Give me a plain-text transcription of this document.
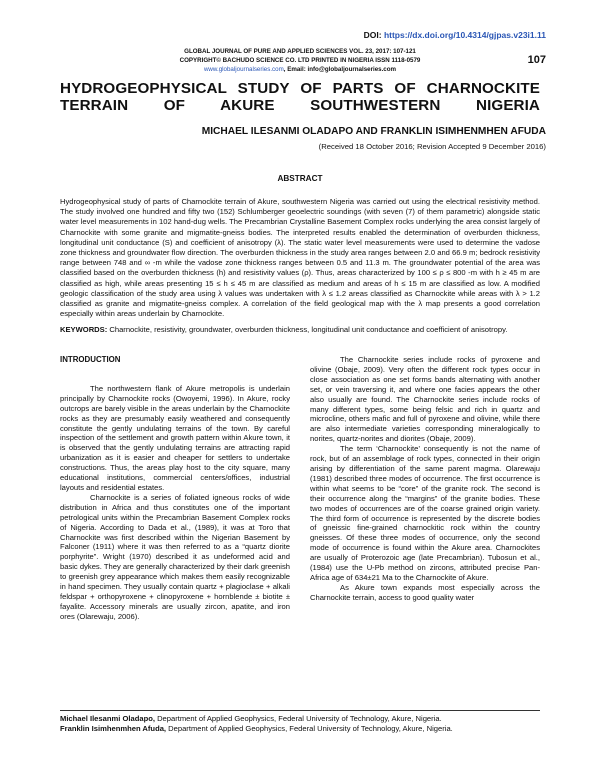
DOI: https://dx.doi.org/10.4314/gjpas.v23i1.11
GLOBAL JOURNAL OF PURE AND APPLIED SCIENCES VOL. 23, 2017: 107-121
COPYRIGHT© BACHUDO SCIENCE CO. LTD PRINTED IN NIGERIA ISSN 1118-0579
www.globaljournalseries.com, Email: info@globaljournalseries.com
107
HYDROGEOPHYSICAL STUDY OF PARTS OF CHARNOCKITE TERRAIN OF AKURE SOUTHWESTERN NIGERIA
MICHAEL ILESANMI OLADAPO AND FRANKLIN ISIMHENMHEN AFUDA
(Received 18 October 2016; Revision Accepted 9 December 2016)
ABSTRACT

Hydrogeophysical study of parts of Charnockite terrain of Akure, southwestern Nigeria was carried out using the electrical resistivity method. The study involved one hundred and fifty two (152) Schlumberger geoelectric soundings (with seven (7) of them parametric) alongside static water level measurements in 102 hand-dug wells. The Precambrian Crystalline Basement Complex rocks underlying the area consist largely of Charnockite with some granite and migmatite-gneiss bodies. The interpreted results enabled the determination of overburden thickness, longitudinal unit conductance (S) and coefficient of anisotropy (λ). The static water level measurements were used to determine the vadose zone thickness and groundwater flow direction. The overburden thickness in the study area ranges between 2.0 and 66.9 m; bedrock resistivity range between 748 and ∞ -m while the vadose zone thickness ranges between 0.5 and 11.3 m. The groundwater potential of the area was classified based on the overburden thickness (h) and resistivity values (ρ). Thus, areas characterized by 100 ≤ ρ ≤ 800 -m with h ≥ 45 m are classified as high, while areas presenting 15 ≤ h ≤ 45 m are classified as medium and areas of h ≤ 15 m are classified as low. A modified geologic classification of the study area using λ values was undertaken with λ ≤ 1.2 areas classified as Charnockite while areas with λ > 1.2 classified as granite and migmatite-gneiss complex. A correlation of the field geological map with the λ map presents a good correlation especially within areas underlain by Charnockite.

KEYWORDS: Charnockite, resistivity, groundwater, overburden thickness, longitudinal unit conductance and coefficient of anisotropy.

INTRODUCTION

The northwestern flank of Akure metropolis is underlain principally by Charnockite rocks (Owoyemi, 1996). In Akure, rocky outcrops are barely visible in the areas underlain by the Charnockite rocks as they are presumably easily weathered and consequently constitute the gently undulating terrains of the town. By careful inspection of the settlement and growth pattern within Akure town, it is observed that the gently undulating terrains are attracting rapid urbanization as it is easier and cheaper for settlers to undertake constructions. Thus, the areas play host to the city square, many educational institutions, commercial centers/offices, industrial layouts and residential estates.

Charnockite is a series of foliated igneous rocks of wide distribution in Africa and thus constitutes one of the important petrological units within the Precambrian Basement Complex rocks of Nigeria. According to Dada et al., (1989), it was at Toro that Charnockite was first described within the Nigerian Basement by Falconer (1911) where it was then referred to as a “quartz diorite porphyrite”. Wright (1970) described it as undeformed acid and basic dykes. They are generally characterized by their dark greenish to greenish grey appearance which makes them easily recognizable in hand specimen. They usually contain quartz + plagioclase + alkali feldspar + orthopyroxene + clinopyroxene + hornblende ± biotite ± fayalite. Accessory minerals are usually zircon, apatite, and iron ores (Olarewaju, 2006).

The Charnockite series include rocks of pyroxene and olivine (Obaje, 2009). Very often the different rock types occur in close association as one set forms bands alternating with another set, or vein traversing it, and where one facies appears the other also usually are found. The Charnockite series include rocks of many different types, some being felsic and rich in quartz and microcline, others mafic and full of pyroxene and olivine, while there are also intermediate varieties corresponding mineralogically to norites, quartz-norites and diorites (Obaje, 2009).

The term ‘Charnockite’ consequently is not the name of rock, but of an assemblage of rock types, connected in their origin arising by differentiation of the same parent magma. Olarewaju (1981) described three modes of occurrence. The first occurrence is within what seems to be “core” of the granite rock. The second is their occurrence along the “margins” of the granite bodies. These two modes of occurrences are of the coarse grained origin variety. The third form of occurrence is represented by the discrete bodies of gneissic fine-grained charnockitic rock within the country gneisses. Of these three modes of occurrence, only the second mode of occurrence is found within the Akure area. Charnockites are usually of Proterozoic age (late Precambrian). Tubosun et al., (1984) use the U-Pb method on zircons, attributed precise Pan-Africa age of 634±21 Ma to the Charnockite of Akure.

As Akure town expands most especially across the Charnockite terrain, access to good quality water

Michael Ilesanmi Oladapo, Department of Applied Geophysics, Federal University of Technology, Akure, Nigeria.

Franklin Isimhenmhen Afuda, Department of Applied Geophysics, Federal University of Technology, Akure, Nigeria.
